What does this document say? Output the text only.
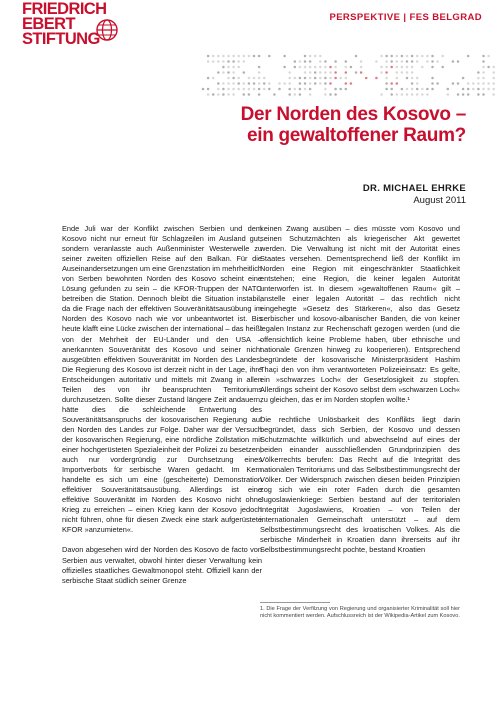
FRIEDRICH
EBERT
STIFTUNG
PERSPEKTIVE | FES BELGRAD
Der Norden des Kosovo –
ein gewaltoffener Raum?
DR. MICHAEL EHRKE
August 2011

Ende Juli war der Konflikt zwischen Serbien und dem Kosovo nicht nur erneut für Schlagzeilen im Ausland gut, sondern veranlasste auch Außenminister Westerwelle zu seiner zweiten offiziellen Reise auf den Balkan. Für die Auseinandersetzungen um eine Grenzstation im mehrheitlich von Serben bewohnten Norden des Kosovo scheint eine Lösung gefunden zu sein – die KFOR-Truppen der NATO betreiben die Station. Dennoch bleibt die Situation instabil, da die Frage nach der effektiven Souveränitätsausübung im Norden des Kosovo nach wie vor unbeantwortet ist. Bis heute klafft eine Lücke zwischen der international – das heißt von der Mehrheit der EU-Länder und den USA – anerkannten Souveränität des Kosovo und seiner nicht ausgeübten effektiven Souveränität im Norden des Landes. Die Regierung des Kosovo ist derzeit nicht in der Lage, ihre Entscheidungen autoritativ und mittels mit Zwang in allen Teilen des von ihr beanspruchten Territoriums durchzusetzen. Sollte dieser Zustand längere Zeit andauern, hätte dies die schleichende Entwertung des Souveränitätsanspruchs der kosovarischen Regierung auf den Norden des Landes zur Folge. Daher war der Versuch der kosovarischen Regierung, eine nördliche Zollstation mit einer hochgerüsteten Spezialeinheit der Polizei zu besetzen, auch nur vordergründig zur Durchsetzung eines Importverbots für serbische Waren gedacht. Im Kern handelte es sich um eine (gescheiterte) Demonstration effektiver Souveränitätsausübung. Allerdings ist eine effektive Souveränität im Norden des Kosovo nicht ohne Krieg zu erreichen – einen Krieg kann der Kosovo jedoch nicht führen, ohne für diesen Zweck eine stark aufgerüstete KFOR »anzumieten«.

Davon abgesehen wird der Norden des Kosovo de facto von Serbien aus verwaltet, obwohl hinter dieser Verwaltung kein offizielles staatliches Gewaltmonopol steht. Offiziell kann der serbische Staat südlich seiner Grenze

keinen Zwang ausüben – dies müsste vom Kosovo und seinen Schutzmächten als kriegerischer Akt gewertet werden. Die Verwaltung ist nicht mit der Autorität eines Staates versehen. Dementsprechend ließ der Konflikt im Norden eine Region mit eingeschränkter Staatlichkeit entstehen; eine Region, die keiner legalen Autorität unterworfen ist. In diesem »gewaltoffenen Raum« gilt – anstelle einer legalen Autorität – das rechtlich nicht eingehegte »Gesetz des Stärkeren«, also das Gesetz serbischer und kosovo-albanischer Banden, die von keiner legalen Instanz zur Rechenschaft gezogen werden (und die offensichtlich keine Probleme haben, über ethnische und nationale Grenzen hinweg zu kooperieren). Entsprechend begründete der kosovarische Ministerpräsident Hashim Thaçi den von ihm verantworteten Polizeieinsatz: Es gelte, ein »schwarzes Loch« der Gesetzlosigkeit zu stopfen. Allerdings scheint der Kosovo selbst dem »schwarzen Loch« zu gleichen, das er im Norden stopfen wollte.¹

Die rechtliche Unlösbarkeit des Konflikts liegt darin begründet, dass sich Serbien, der Kosovo und dessen Schutzmächte willkürlich und abwechselnd auf eines der beiden einander ausschließenden Grundprinzipien des Völkerrechts berufen: Das Recht auf die Integrität des nationalen Territoriums und das Selbstbestimmungsrecht der Völker. Der Widerspruch zwischen diesen beiden Prinzipien zog sich wie ein roter Faden durch die gesamten Jugoslawienkriege: Serbien bestand auf der territorialen Integrität Jugoslawiens, Kroatien – von Teilen der internationalen Gemeinschaft unterstützt – auf dem Selbstbestimmungsrecht des kroatischen Volkes. Als die serbische Minderheit in Kroatien dann ihrerseits auf ihr Selbstbestimmungsrecht pochte, bestand Kroatien

1. Die Frage der Verfilzung von Regierung und organisierter Kriminalität soll hier nicht kommentiert werden. Aufschlussreich ist der Wikipedia-Artikel zum Kosovo.
